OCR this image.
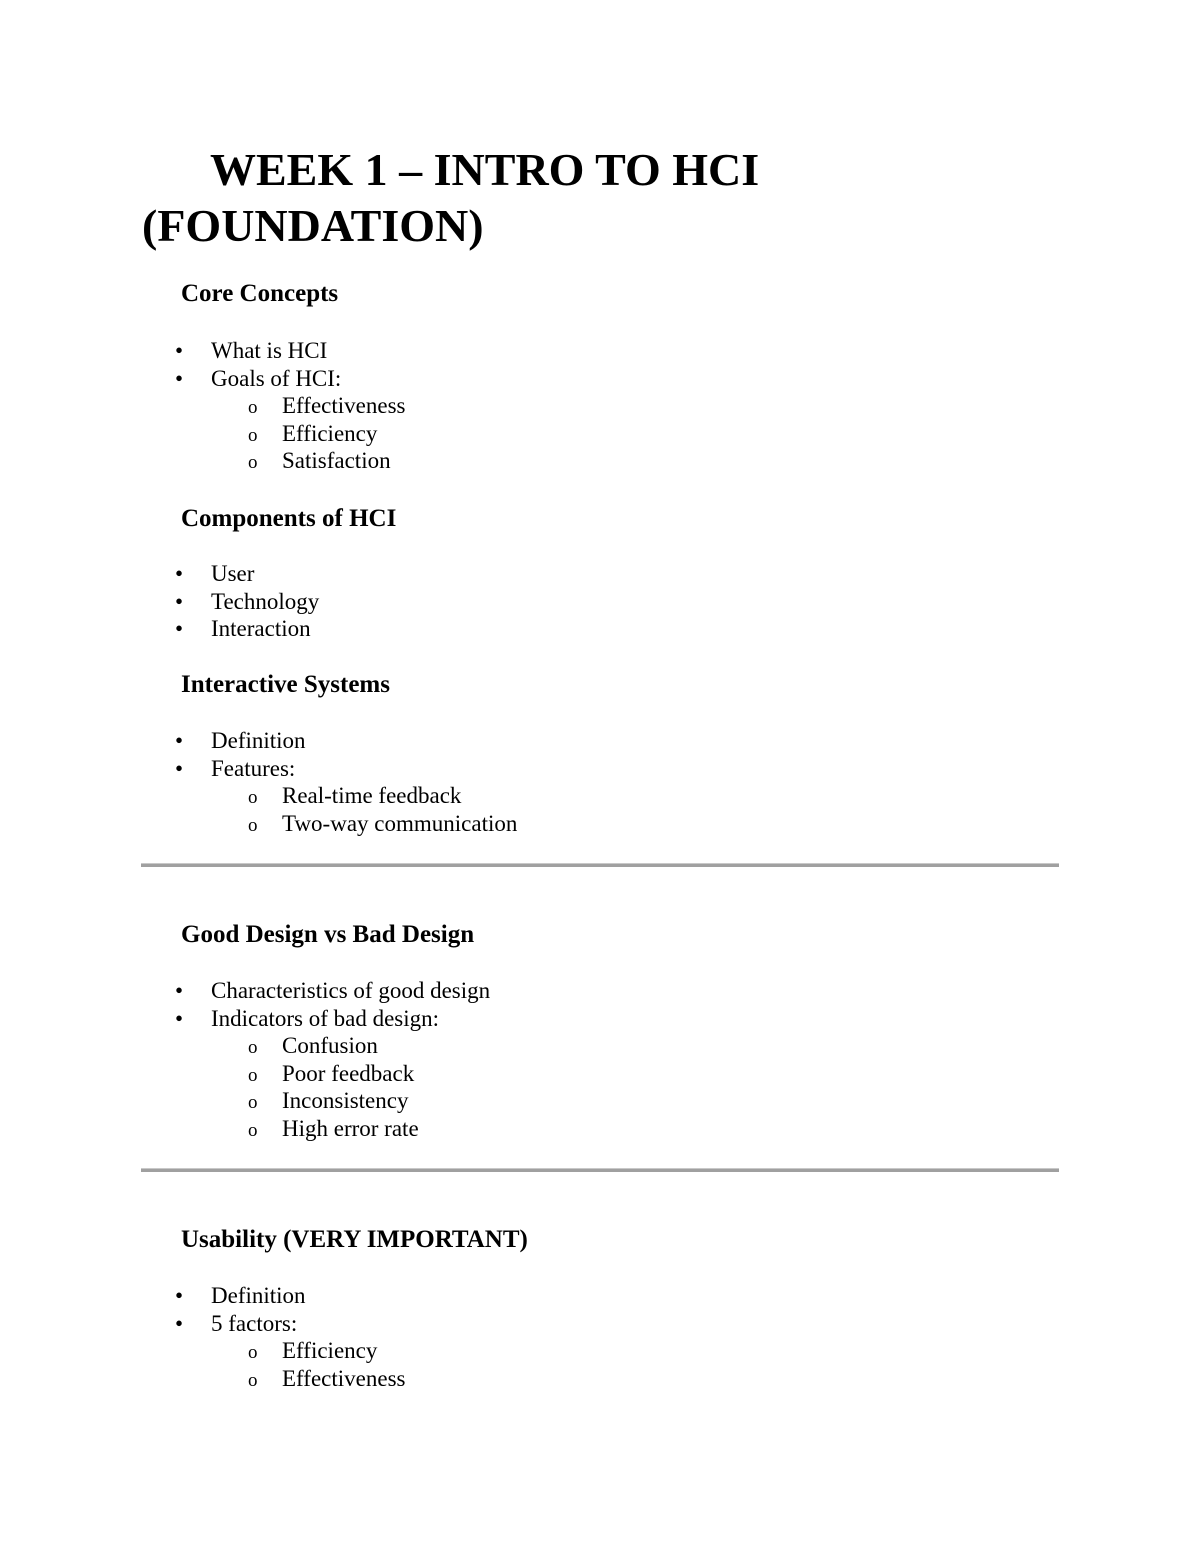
WEEK 1 – INTRO TO HCI (FOUNDATION)
Core Concepts
• What is HCI
• Goals of HCI:
o Effectiveness
o Efficiency
o Satisfaction
Components of HCI
• User
• Technology
• Interaction
Interactive Systems
• Definition
• Features:
o Real-time feedback
o Two-way communication
Good Design vs Bad Design
• Characteristics of good design
• Indicators of bad design:
o Confusion
o Poor feedback
o Inconsistency
o High error rate
Usability (VERY IMPORTANT)
• Definition
• 5 factors:
o Efficiency
o Effectiveness
